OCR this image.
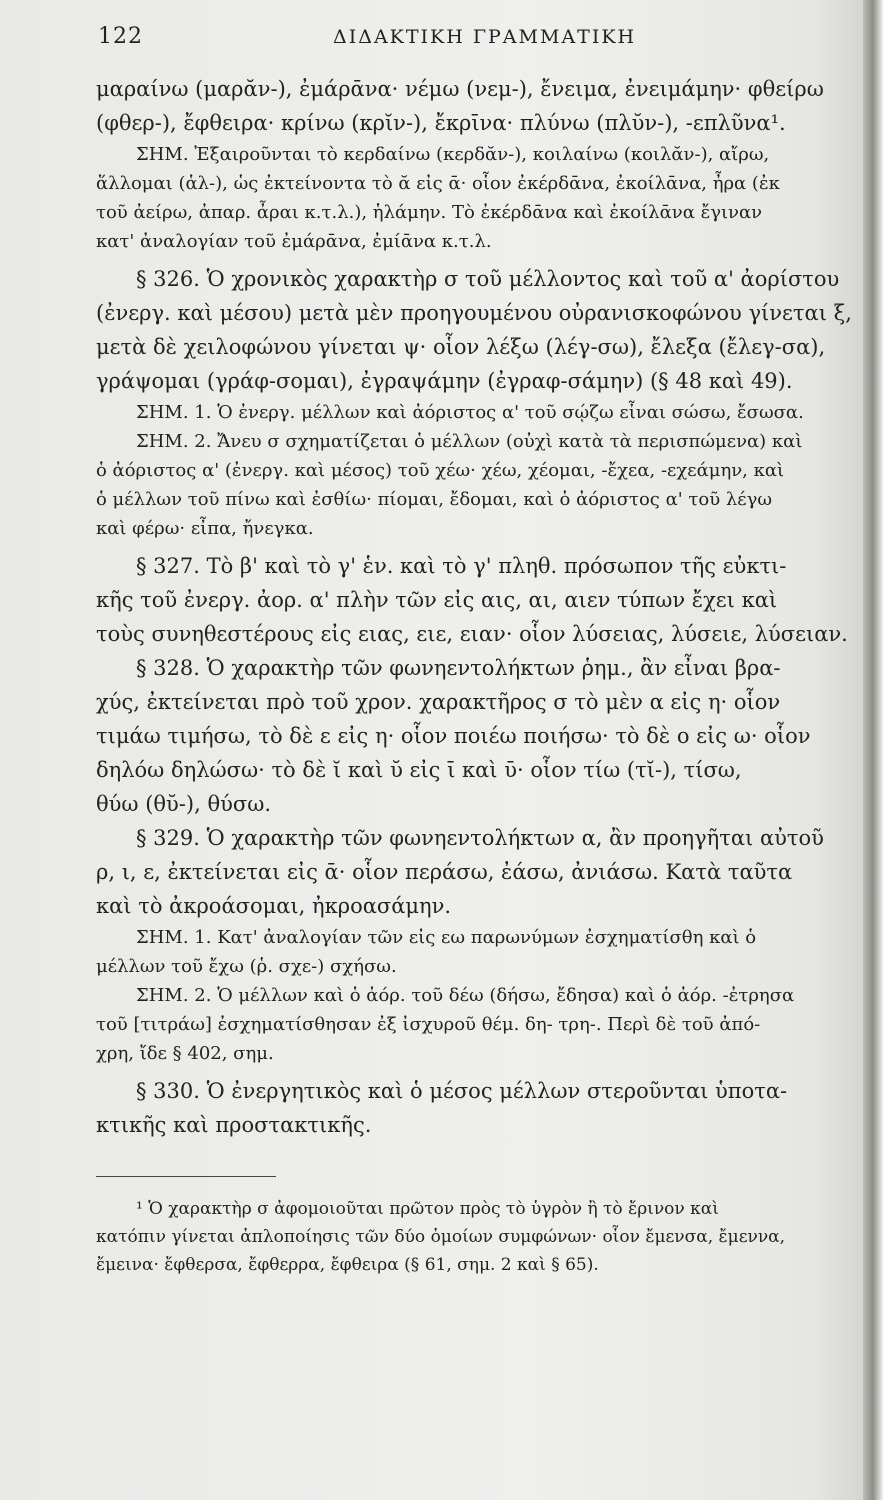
122	ΔΙΔΑΚΤΙΚΗ ΓΡΑΜΜΑΤΙΚΗ
μαραίνω (μαρᾰν-), ἐμάρᾱνα· νέμω (νεμ-), ἔνειμα, ἐνειμάμην· φθείρω
(φθερ-), ἔφθειρα· κρίνω (κρῐν-), ἔκρῑνα· πλύνω (πλῠν-), -επλῦνα¹.
ΣΗΜ. Ἐξαιροῦνται τὸ κερδαίνω (κερδᾰν-), κοιλαίνω (κοιλᾰν-), αἴρω,
ἅλλομαι (ἁλ-), ὡς ἐκτείνοντα τὸ ᾰ εἰς ᾱ· οἷον ἐκέρδᾱνα, ἐκοίλᾱνα, ἦρα (ἐκ
τοῦ ἀείρω, ἀπαρ. ἆραι κ.τ.λ.), ἡλάμην. Τὸ ἐκέρδᾱνα καὶ ἐκοίλᾱνα ἔγιναν
κατ' ἀναλογίαν τοῦ ἐμάρᾱνα, ἐμίᾱνα κ.τ.λ.
§ 326. Ὁ χρονικὸς χαρακτὴρ σ τοῦ μέλλοντος καὶ τοῦ α' ἀορίστου
(ἐνεργ. καὶ μέσου) μετὰ μὲν προηγουμένου οὐρανισκοφώνου γίνεται ξ,
μετὰ δὲ χειλοφώνου γίνεται ψ· οἷον λέξω (λέγ-σω), ἔλεξα (ἔλεγ-σα),
γράψομαι (γράφ-σομαι), ἐγραψάμην (ἐγραφ-σάμην) (§ 48 καὶ 49).
ΣΗΜ. 1. Ὁ ἐνεργ. μέλλων καὶ ἀόριστος α' τοῦ σῴζω εἶναι σώσω, ἔσωσα.
ΣΗΜ. 2. Ἄνευ σ σχηματίζεται ὁ μέλλων (οὐχὶ κατὰ τὰ περισπώμενα) καὶ
ὁ ἀόριστος α' (ἐνεργ. καὶ μέσος) τοῦ χέω· χέω, χέομαι, -ἔχεα, -εχεάμην, καὶ
ὁ μέλλων τοῦ πίνω καὶ ἐσθίω· πίομαι, ἔδομαι, καὶ ὁ ἀόριστος α' τοῦ λέγω
καὶ φέρω· εἶπα, ἤνεγκα.
§ 327. Τὸ β' καὶ τὸ γ' ἑν. καὶ τὸ γ' πληθ. πρόσωπον τῆς εὐκτι-
κῆς τοῦ ἐνεργ. ἀορ. α' πλὴν τῶν εἰς αις, αι, αιεν τύπων ἔχει καὶ
τοὺς συνηθεστέρους εἰς ειας, ειε, ειαν· οἷον λύσειας, λύσειε, λύσειαν.
§ 328. Ὁ χαρακτὴρ τῶν φωνηεντολήκτων ῥημ., ἂν εἶναι βρα-
χύς, ἐκτείνεται πρὸ τοῦ χρον. χαρακτῆρος σ τὸ μὲν α εἰς η· οἷον
τιμάω τιμήσω, τὸ δὲ ε εἰς η· οἷον ποιέω ποιήσω· τὸ δὲ ο εἰς ω· οἷον
δηλόω δηλώσω· τὸ δὲ ῐ καὶ ῠ εἰς ῑ καὶ ῡ· οἷον τίω (τῐ-), τίσω,
θύω (θῠ-), θύσω.
§ 329. Ὁ χαρακτὴρ τῶν φωνηεντολήκτων α, ἂν προηγῆται αὐτοῦ
ρ, ι, ε, ἐκτείνεται εἰς ᾱ· οἷον περάσω, ἐάσω, ἀνιάσω. Κατὰ ταῦτα
καὶ τὸ ἀκροάσομαι, ἠκροασάμην.
ΣΗΜ. 1. Κατ' ἀναλογίαν τῶν εἰς εω παρωνύμων ἐσχηματίσθη καὶ ὁ
μέλλων τοῦ ἔχω (ῥ. σχε-) σχήσω.
ΣΗΜ. 2. Ὁ μέλλων καὶ ὁ ἀόρ. τοῦ δέω (δήσω, ἔδησα) καὶ ὁ ἀόρ. -ἐτρησα
τοῦ [τιτράω] ἐσχηματίσθησαν ἐξ ἰσχυροῦ θέμ. δη- τρη-. Περὶ δὲ τοῦ ἀπό-
χρη, ἴδε § 402, σημ.
§ 330. Ὁ ἐνεργητικὸς καὶ ὁ μέσος μέλλων στεροῦνται ὑποτα-
κτικῆς καὶ προστακτικῆς.
¹ Ὁ χαρακτὴρ σ ἀφομοιοῦται πρῶτον πρὸς τὸ ὑγρὸν ἢ τὸ ἔρινον καὶ
κατόπιν γίνεται ἁπλοποίησις τῶν δύο ὁμοίων συμφώνων· οἷον ἔμενσα, ἔμεννα,
ἔμεινα· ἔφθερσα, ἔφθερρα, ἔφθειρα (§ 61, σημ. 2 καὶ § 65).
